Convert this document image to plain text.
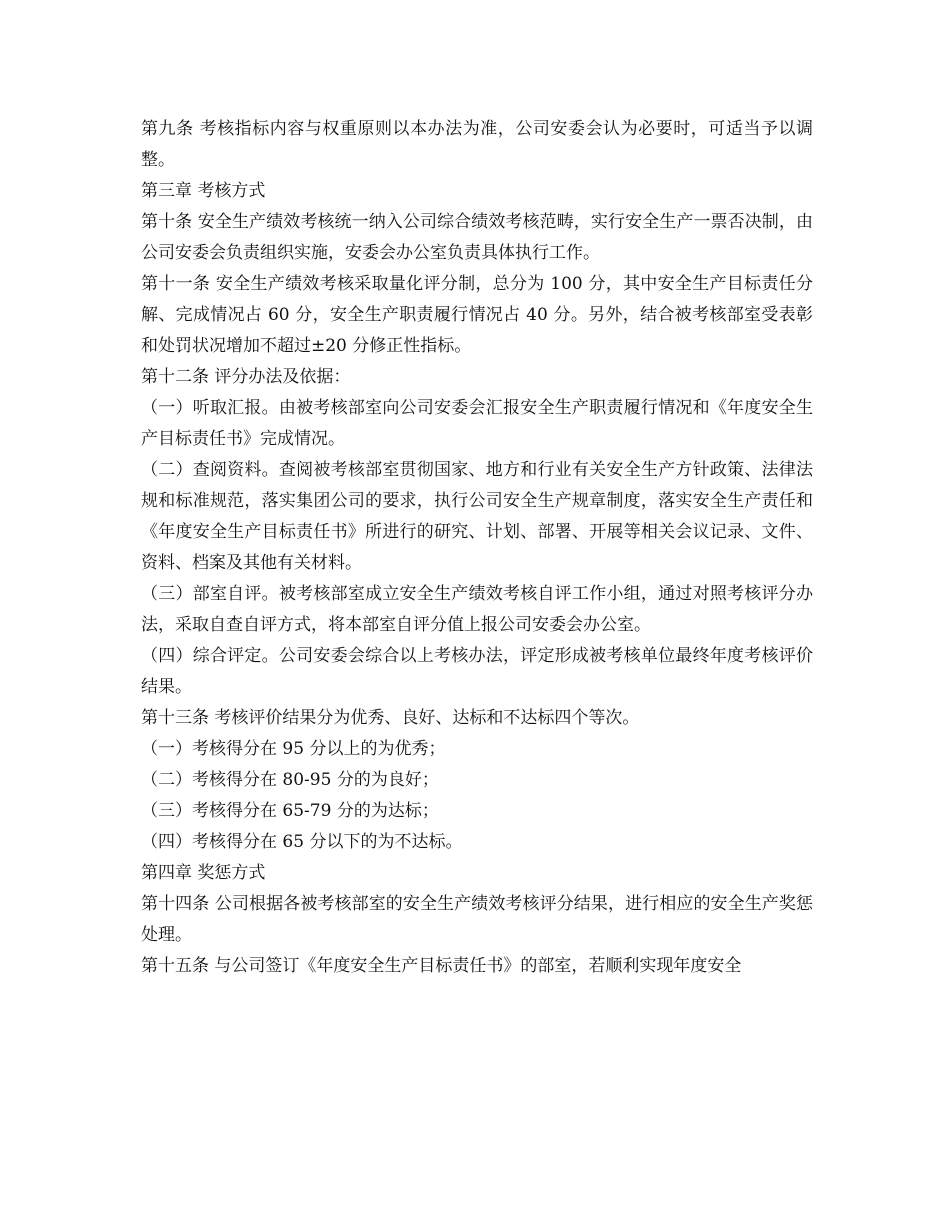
第九条 考核指标内容与权重原则以本办法为准，公司安委会认为必要时，可适当予以调整。

第三章 考核方式

第十条 安全生产绩效考核统一纳入公司综合绩效考核范畴，实行安全生产一票否决制，由公司安委会负责组织实施，安委会办公室负责具体执行工作。

第十一条 安全生产绩效考核采取量化评分制，总分为 100 分，其中安全生产目标责任分解、完成情况占 60 分，安全生产职责履行情况占 40 分。另外，结合被考核部室受表彰和处罚状况增加不超过±20 分修正性指标。

第十二条 评分办法及依据：

（一）听取汇报。由被考核部室向公司安委会汇报安全生产职责履行情况和《年度安全生产目标责任书》完成情况。

（二）查阅资料。查阅被考核部室贯彻国家、地方和行业有关安全生产方针政策、法律法规和标准规范，落实集团公司的要求，执行公司安全生产规章制度，落实安全生产责任和《年度安全生产目标责任书》所进行的研究、计划、部署、开展等相关会议记录、文件、资料、档案及其他有关材料。

（三）部室自评。被考核部室成立安全生产绩效考核自评工作小组，通过对照考核评分办法，采取自查自评方式，将本部室自评分值上报公司安委会办公室。

（四）综合评定。公司安委会综合以上考核办法，评定形成被考核单位最终年度考核评价结果。

第十三条 考核评价结果分为优秀、良好、达标和不达标四个等次。

（一）考核得分在 95 分以上的为优秀；

（二）考核得分在 80-95 分的为良好；

（三）考核得分在 65-79 分的为达标；

（四）考核得分在 65 分以下的为不达标。

第四章 奖惩方式

第十四条 公司根据各被考核部室的安全生产绩效考核评分结果，进行相应的安全生产奖惩处理。

第十五条 与公司签订《年度安全生产目标责任书》的部室，若顺利实现年度安全
